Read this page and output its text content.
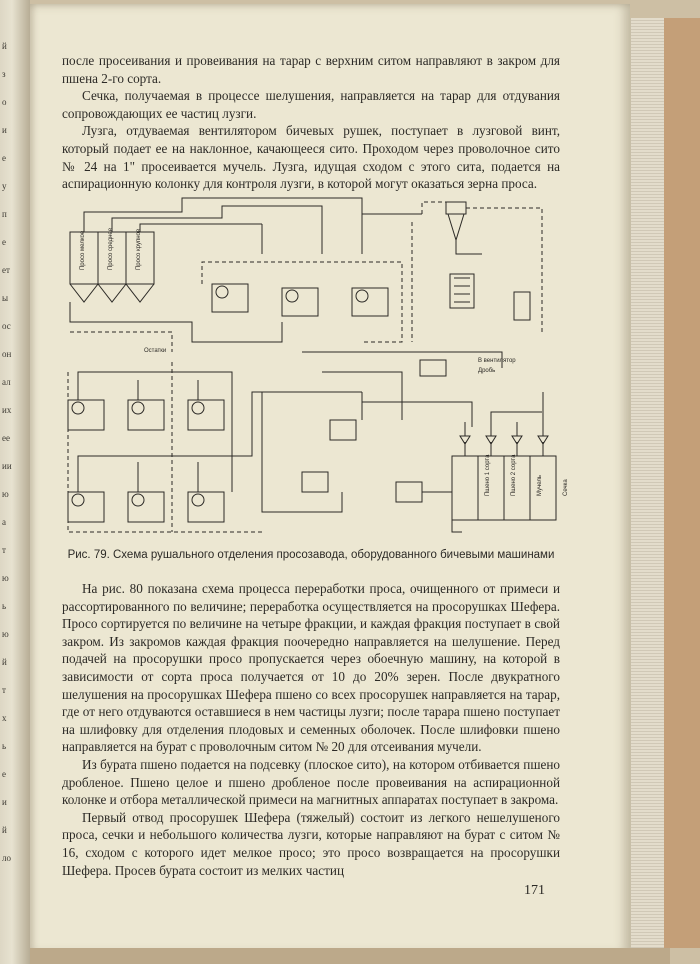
й
з
о
и
е
у
п
е
ет
ы
ос
он
ал
их
ее
ии
ю
а
т
ю
ь
ю
й
т
х
ь
е
и
й
ло

после просеивания и провеивания на тарар с верхним ситом направляют в закром для пшена 2-го сорта.

Сечка, получаемая в процессе шелушения, направляется на тарар для отдувания сопровождающих ее частиц лузги.

Лузга, отдуваемая вентилятором бичевых рушек, поступает в лузговой винт, который подает ее на наклонное, качающееся сито. Проходом через проволочное сито № 24 на 1" просеивается мучель. Лузга, идущая сходом с этого сита, подается на аспирационную колонку для контроля лузги, в которой могут оказаться зерна проса.

Просо мелкое	Просо среднее	Просо крупное
Остатки
В вентилятор
Дробь
Пшено 1 сорта	Пшено 2 сорта	Мучель	Сечка
Рис. 79. Схема рушального отделения просозавода, оборудованного бичевыми машинами

На рис. 80 показана схема процесса переработки проса, очищенного от примеси и рассортированного по величине; переработка осуществляется на просорушках Шефера. Просо сортируется по величине на четыре фракции, и каждая фракция поступает в свой закром. Из закромов каждая фракция поочередно направляется на шелушение. Перед подачей на просорушки просо пропускается через обоечную машину, на которой в зависимости от сорта проса получается от 10 до 20% зерен. После двукратного шелушения на просорушках Шефера пшено со всех просорушек направляется на тарар, где от него отдуваются оставшиеся в нем частицы лузги; после тарара пшено поступает на шлифовку для отделения плодовых и семенных оболочек. После шлифовки пшено направляется на бурат с проволочным ситом № 20 для отсеивания мучели.

Из бурата пшено подается на подсевку (плоское сито), на котором отбивается пшено дробленое. Пшено целое и пшено дробленое после провеивания на аспирационной колонке и отбора металлической примеси на магнитных аппаратах поступает в закрома.

Первый отвод просорушек Шефера (тяжелый) состоит из легкого нешелушеного проса, сечки и небольшого количества лузги, которые направляют на бурат с ситом № 16, сходом с которого идет мелкое просо; это просо возвращается на просорушки Шефера. Просев бурата состоит из мелких частиц

171
